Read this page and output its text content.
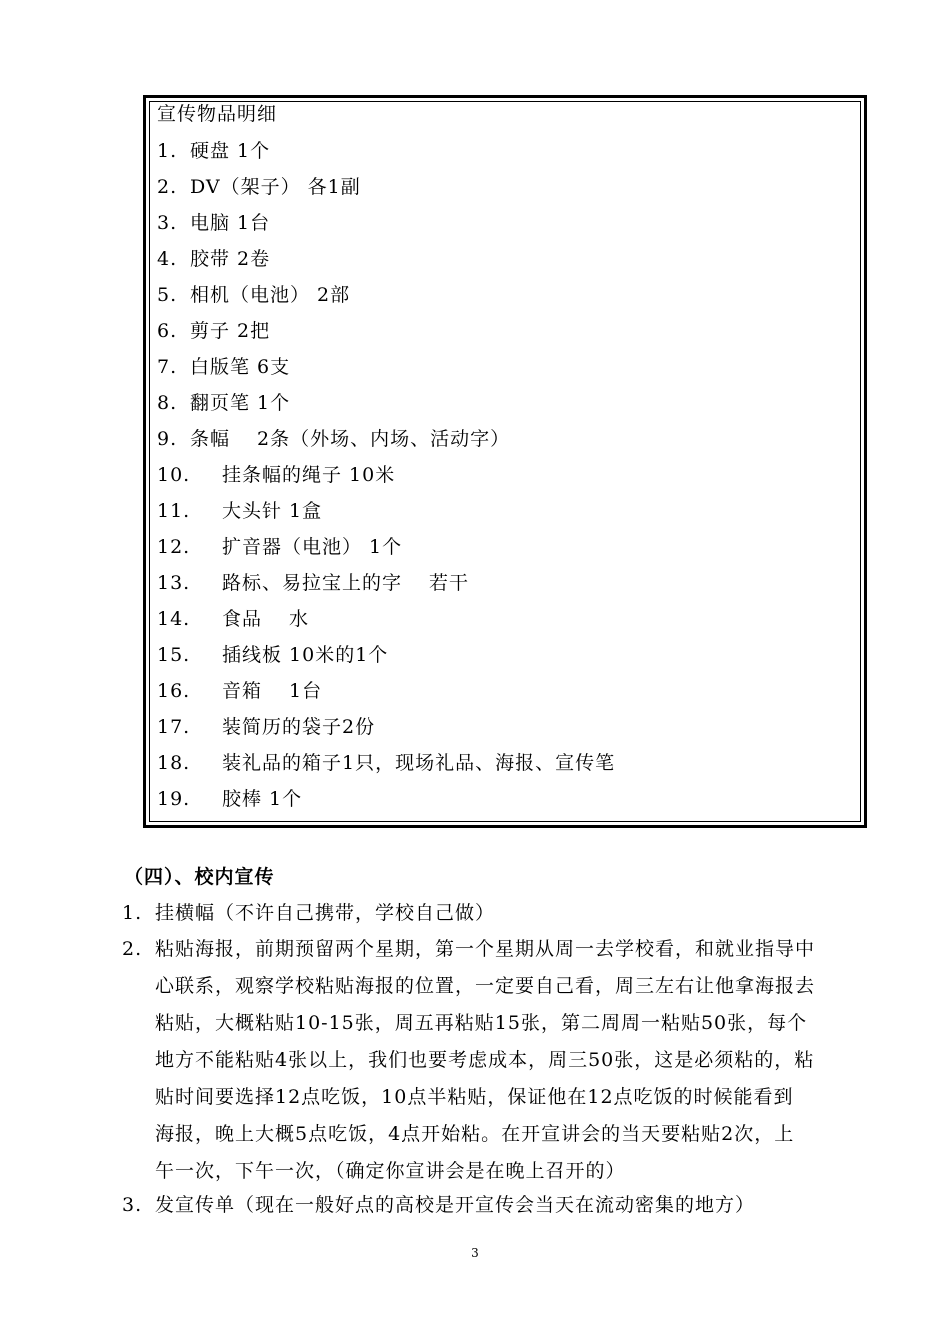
宣传物品明细
1. 硬盘 1个
2. DV（架子） 各1副
3. 电脑 1台
4. 胶带 2卷
5. 相机（电池） 2部
6. 剪子 2把
7. 白版笔 6支
8. 翻页笔 1个
9. 条幅　 2条（外场、内场、活动字）
10. 挂条幅的绳子 10米
11. 大头针 1盒
12. 扩音器（电池） 1个
13. 路标、易拉宝上的字　 若干
14. 食品　 水
15. 插线板 10米的1个
16. 音箱　 1台
17. 装简历的袋子2份
18. 装礼品的箱子1只，现场礼品、海报、宣传笔
19. 胶棒 1个
（四）、校内宣传
1. 挂横幅（不许自己携带，学校自己做）
2. 粘贴海报，前期预留两个星期，第一个星期从周一去学校看，和就业指导中
心联系，观察学校粘贴海报的位置，一定要自己看，周三左右让他拿海报去
粘贴，大概粘贴10-15张，周五再粘贴15张，第二周周一粘贴50张，每个
地方不能粘贴4张以上，我们也要考虑成本，周三50张，这是必须粘的，粘
贴时间要选择12点吃饭，10点半粘贴，保证他在12点吃饭的时候能看到
海报，晚上大概5点吃饭，4点开始粘。在开宣讲会的当天要粘贴2次，上
午一次，下午一次，（确定你宣讲会是在晚上召开的）
3. 发宣传单（现在一般好点的高校是开宣传会当天在流动密集的地方）
3
